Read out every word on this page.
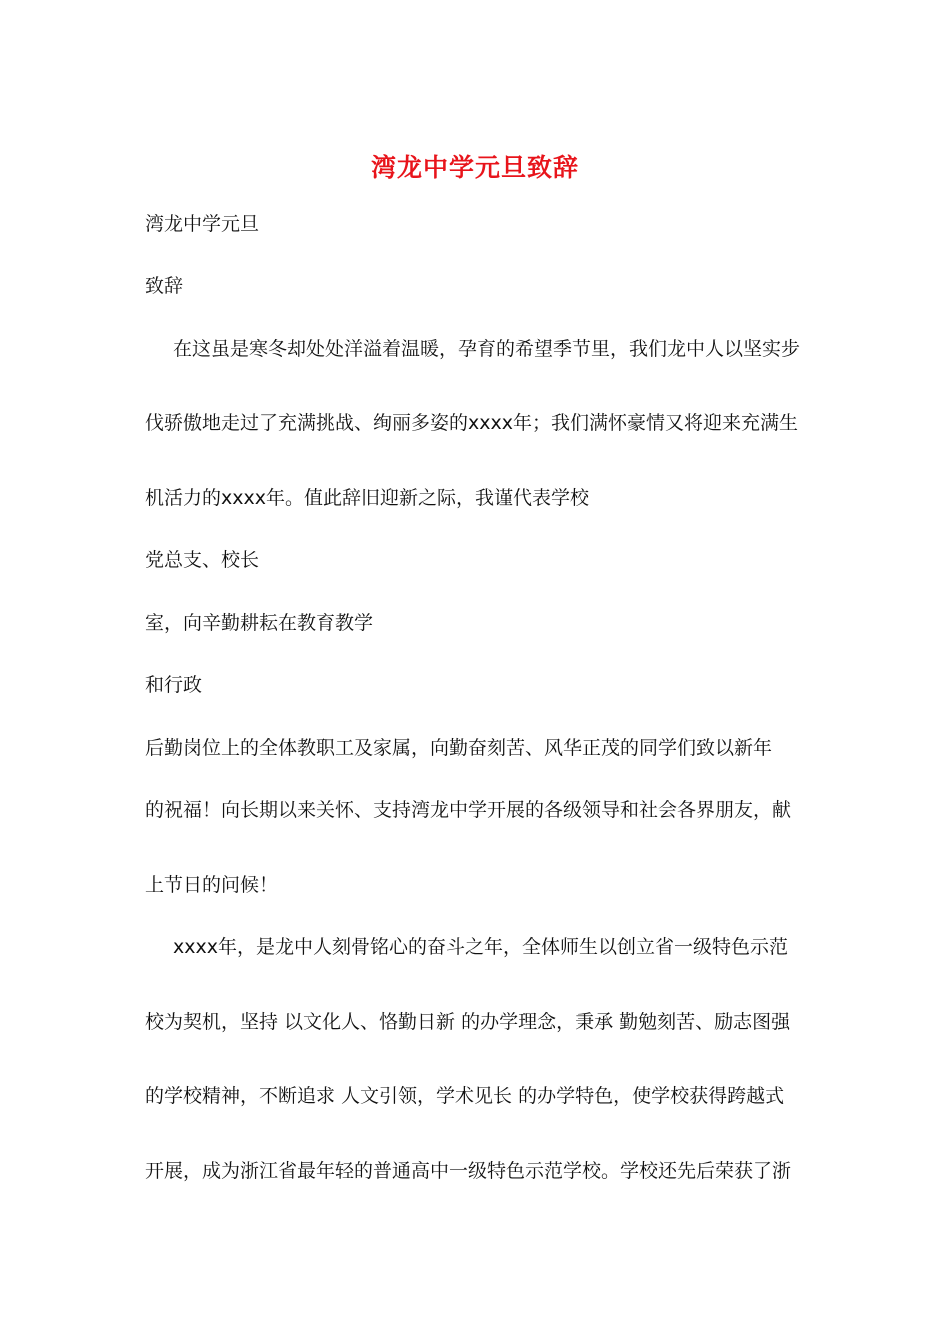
湾龙中学元旦致辞
湾龙中学元旦
致辞
在这虽是寒冬却处处洋溢着温暖，孕育的希望季节里，我们龙中人以坚实步
伐骄傲地走过了充满挑战、绚丽多姿的xxxx年；我们满怀豪情又将迎来充满生
机活力的xxxx年。值此辞旧迎新之际，我谨代表学校
党总支、校长
室，向辛勤耕耘在教育教学
和行政
后勤岗位上的全体教职工及家属，向勤奋刻苦、风华正茂的同学们致以新年
的祝福！向长期以来关怀、支持湾龙中学开展的各级领导和社会各界朋友，献
上节日的问候！
xxxx年，是龙中人刻骨铭心的奋斗之年，全体师生以创立省一级特色示范
校为契机，坚持 以文化人、恪勤日新 的办学理念，秉承 勤勉刻苦、励志图强
的学校精神，不断追求 人文引领，学术见长 的办学特色，使学校获得跨越式
开展，成为浙江省最年轻的普通高中一级特色示范学校。学校还先后荣获了浙
